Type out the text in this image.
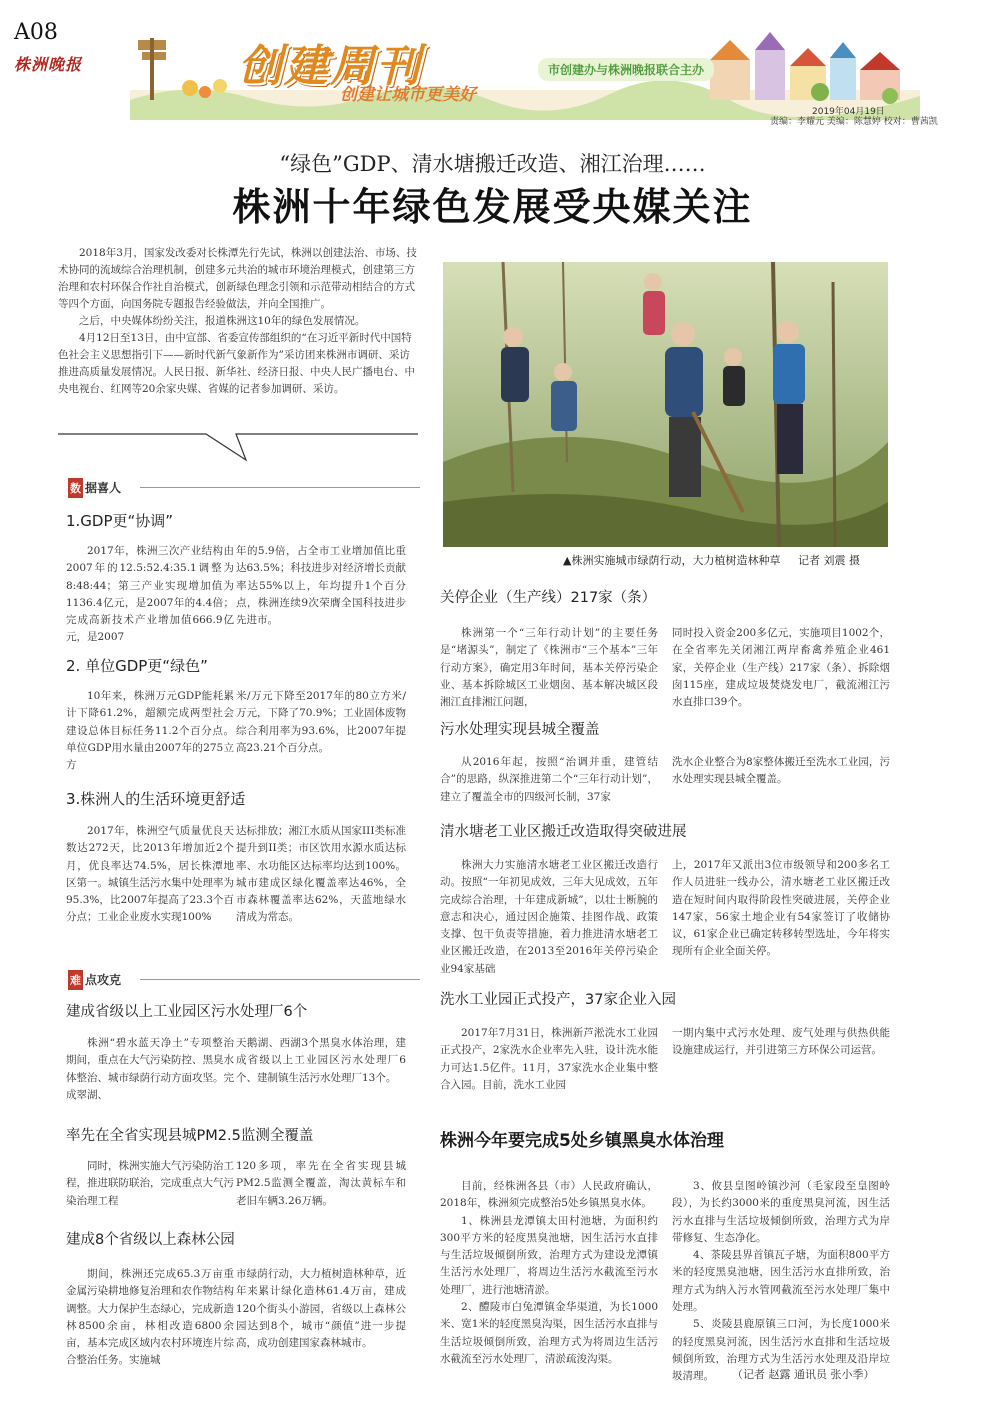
A08
株洲晚报	创建周刊
创建让城市更美好
市创建办与株洲晚报联合主办
2019年04月19日
责编：李耀元 美编：陈慧婷 校对：曹茜凯
“绿色”GDP、清水塘搬迁改造、湘江治理……
株洲十年绿色发展受央媒关注

2018年3月，国家发改委对长株潭先行先试，株洲以创建法治、市场、技术协同的流域综合治理机制，创建多元共治的城市环境治理模式，创建第三方治理和农村环保合作社自治模式，创新绿色理念引领和示范带动相结合的方式等四个方面，向国务院专题报告经验做法，并向全国推广。

之后，中央媒体纷纷关注，报道株洲这10年的绿色发展情况。

4月12日至13日，由中宣部、省委宣传部组织的“在习近平新时代中国特色社会主义思想指引下——新时代新气象新作为”采访团来株洲市调研、采访推进高质量发展情况。人民日报、新华社、经济日报、中央人民广播电台、中央电视台、红网等20余家央媒、省媒的记者参加调研、采访。

▲株洲实施城市绿荫行动，大力植树造林种草 记者 刘震 摄
数 据喜人
1.GDP更“协调”
2017年，株洲三次产业结构由2007年的12.5:52.4:35.1调整为8:48:44；第三产业实现增加值为1136.4亿元，是2007年的4.4倍；完成高新技术产业增加值666.9亿元，是2007
年的5.9倍，占全市工业增加值比重达63.5%；科技进步对经济增长贡献率达55%以上，年均提升1个百分点，株洲连续9次荣膺全国科技进步先进市。
2. 单位GDP更“绿色”
10年来，株洲万元GDP能耗累计下降61.2%，超额完成两型社会建设总体目标任务11.2个百分点。单位GDP用水量由2007年的275立方
米/万元下降至2017年的80立方米/万元，下降了70.9%；工业固体废物综合利用率为93.6%，比2007年提高23.21个百分点。
3.株洲人的生活环境更舒适
2017年，株洲空气质量优良天数达272天，比2013年增加近2个月，优良率达74.5%，居长株潭地区第一。城镇生活污水集中处理率为95.3%，比2007年提高了23.3个百分点；工业企业废水实现100%
达标排放；湘江水质从国家III类标准提升到II类；市区饮用水源水质达标率、水功能区达标率均达到100%。城市建成区绿化覆盖率达46%，全市森林覆盖率达62%，天蓝地绿水清成为常态。
难 点攻克
建成省级以上工业园区污水处理厂6个
株洲“碧水蓝天净土”专项整治期间，重点在大气污染防控、黑臭水体整治、城市绿荫行动方面攻坚。完成翠湖、
天鹅湖、西湖3个黑臭水体治理，建成省级以上工业园区污水处理厂6个、建制镇生活污水处理厂13个。
率先在全省实现县城PM2.5监测全覆盖
同时，株洲实施大气污染防治工程，推进联防联治，完成重点大气污染治理工程
120多项，率先在全省实现县城PM2.5监测全覆盖，淘汰黄标车和老旧车辆3.26万辆。
建成8个省级以上森林公园
期间，株洲还完成65.3万亩重金属污染耕地修复治理和农作物结构调整。大力保护生态绿心，完成新造林8500余亩，林相改造6800余亩，基本完成区域内农村环境连片综合整治任务。实施城
市绿荫行动，大力植树造林种草，近年来累计绿化造林61.4万亩，建成120个街头小游园，省级以上森林公园达到8个，城市“颜值”进一步提高，成功创建国家森林城市。
关停企业（生产线）217家（条）
株洲第一个“三年行动计划”的主要任务是“堵源头”，制定了《株洲市“三个基本”三年行动方案》，确定用3年时间，基本关停污染企业、基本拆除城区工业烟囱、基本解决城区段湘江直排湘江问题，
同时投入资金200多亿元，实施项目1002个，在全省率先关闭湘江两岸畜禽养殖企业461家，关停企业（生产线）217家（条）、拆除烟囱115座，建成垃圾焚烧发电厂，截流湘江污水直排口39个。
污水处理实现县城全覆盖
从2016年起，按照“治调并重，建管结合”的思路，纵深推进第二个“三年行动计划”，建立了覆盖全市的四级河长制，37家
洗水企业整合为8家整体搬迁至洗水工业园，污水处理实现县城全覆盖。
清水塘老工业区搬迁改造取得突破进展
株洲大力实施清水塘老工业区搬迁改造行动。按照“一年初见成效，三年大见成效，五年完成综合治理，十年建成新城”，以壮士断腕的意志和决心，通过因企施策、挂图作战、政策支撑、包干负责等措施，着力推进清水塘老工业区搬迁改造，在2013至2016年关停污染企业94家基础
上，2017年又派出3位市级领导和200多名工作人员进驻一线办公，清水塘老工业区搬迁改造在短时间内取得阶段性突破进展，关停企业147家，56家土地企业有54家签订了收储协议，61家企业已确定转移转型选址，今年将实现所有企业全面关停。
洗水工业园正式投产，37家企业入园
2017年7月31日，株洲新芦淞洗水工业园正式投产，2家洗水企业率先入驻，设计洗水能力可达1.5亿件。11月，37家洗水企业集中整合入园。目前，洗水工业园
一期内集中式污水处理、废气处理与供热供能设施建成运行，并引进第三方环保公司运营。
株洲今年要完成5处乡镇黑臭水体治理
目前，经株洲各县（市）人民政府确认，2018年，株洲须完成整治5处乡镇黑臭水体。
1、株洲县龙潭镇太田村池塘，为面积约300平方米的轻度黑臭池塘，因生活污水直排与生活垃圾倾倒所致，治理方式为建设龙潭镇生活污水处理厂，将周边生活污水截流至污水处理厂，进行池塘清淤。
2、醴陵市白兔潭镇金华渠道，为长1000米、宽1米的轻度黑臭沟渠，因生活污水直排与生活垃圾倾倒所致，治理方式为将周边生活污水截流至污水处理厂，清淤疏浚沟渠。
3、攸县皇图岭镇沙河（毛家段至皇图岭段），为长约3000米的重度黑臭河流，因生活污水直排与生活垃圾倾倒所致，治理方式为岸带修复、生态净化。
4、茶陵县界首镇瓦子塘，为面积800平方米的轻度黑臭池塘，因生活污水直排所致，治理方式为纳入污水管网截流至污水处理厂集中处理。
5、炎陵县鹿原镇三口河，为长度1000米的轻度黑臭河流，因生活污水直排和生活垃圾倾倒所致，治理方式为生活污水处理及沿岸垃圾清理。	（记者 赵露 通讯员 张小季）
